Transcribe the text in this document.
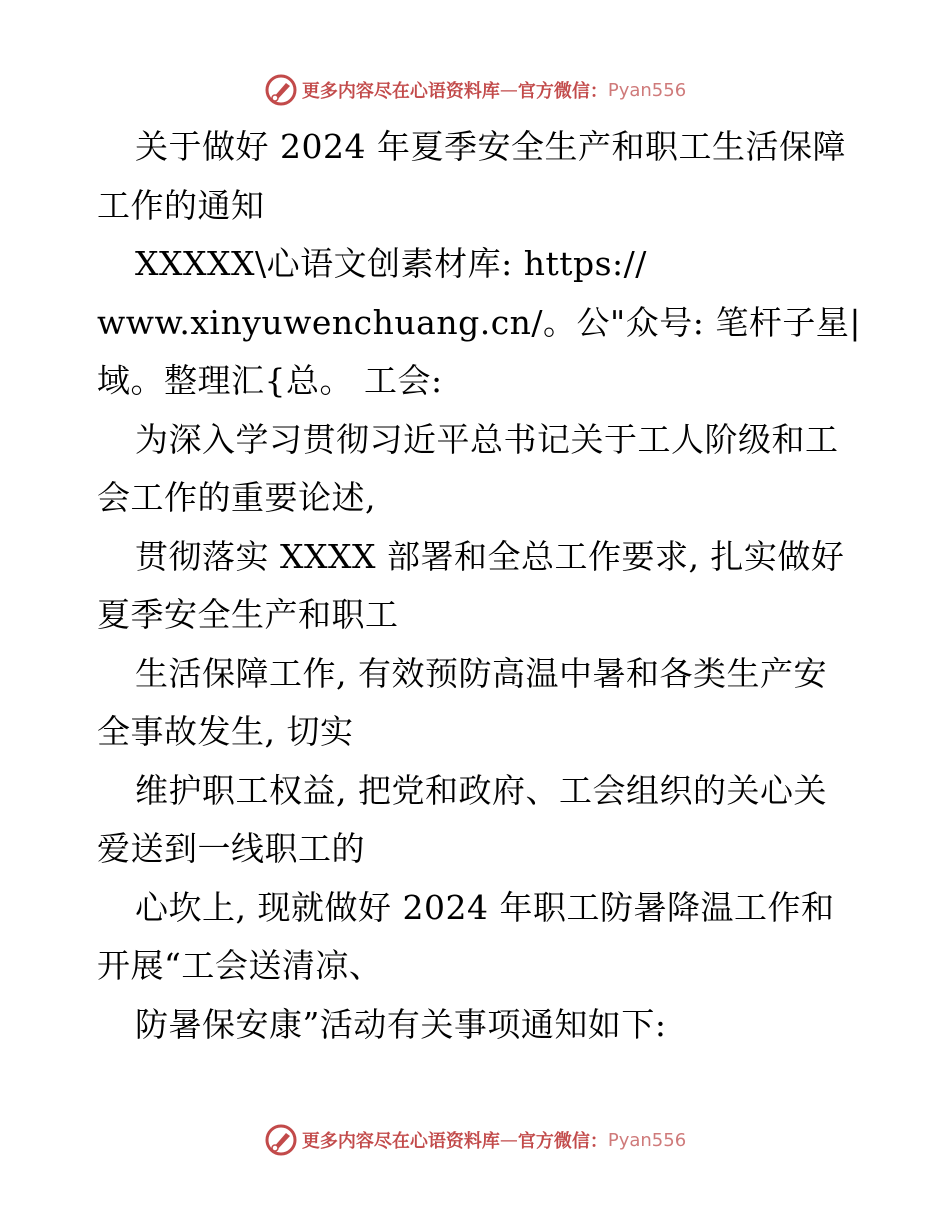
更多内容尽在心语资料库 — 官方微信： Pyan556
关于做好 2024 年夏季安全生产和职工生活保障
工作的通知
XXXXX\心语文创素材库: https://
www.xinyuwenchuang.cn/。公"众号: 笔杆子星|
域。整理汇{总。 工会:
为深入学习贯彻习近平总书记关于工人阶级和工
会工作的重要论述,
贯彻落实 XXXX 部署和全总工作要求, 扎实做好
夏季安全生产和职工
生活保障工作, 有效预防高温中暑和各类生产安
全事故发生, 切实
维护职工权益, 把党和政府、工会组织的关心关
爱送到一线职工的
心坎上, 现就做好 2024 年职工防暑降温工作和
开展“工会送清凉、
防暑保安康”活动有关事项通知如下:
更多内容尽在心语资料库 — 官方微信： Pyan556
